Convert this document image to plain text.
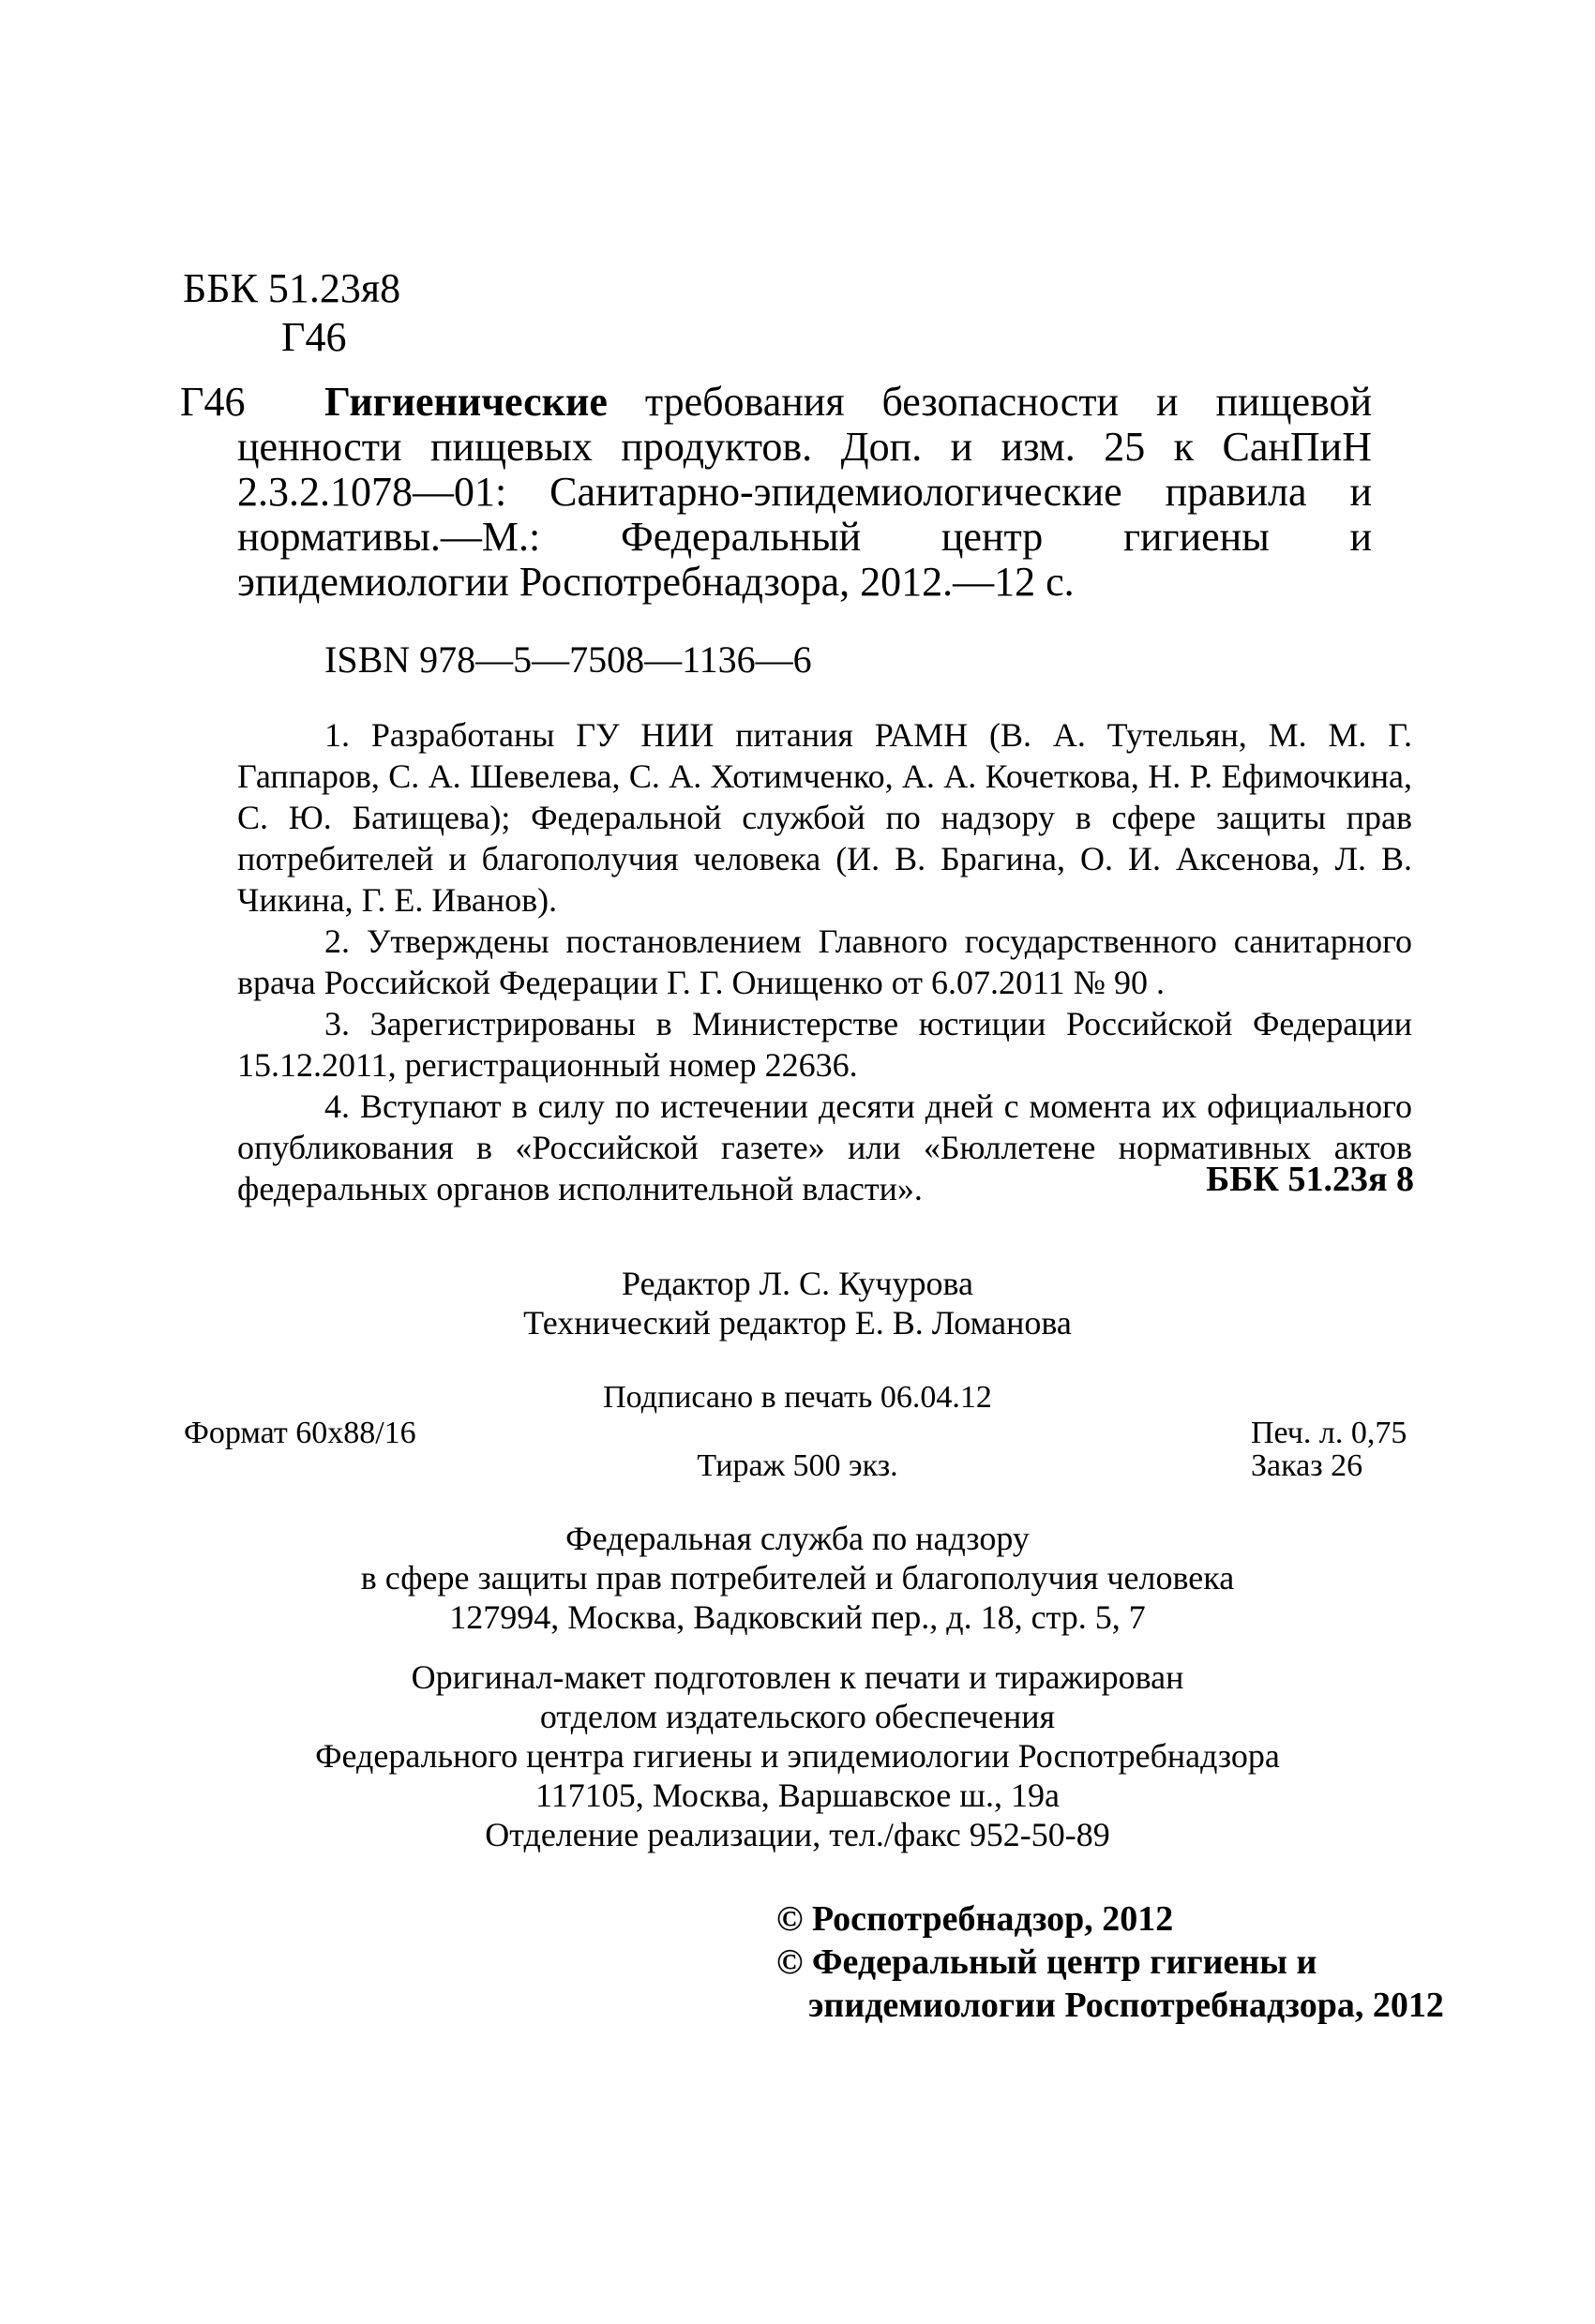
ББК 51.23я8
Г46
Г46	Гигиенические требования безопасности и пищевой ценности пищевых продуктов. Доп. и изм. 25 к СанПиН 2.3.2.1078—01: Санитарно-эпидемиологические правила и нормативы.—М.: Федеральный центр гигиены и эпидемиологии Роспотребнадзора, 2012.—12 с.
ISBN 978—5—7508—1136—6

1. Разработаны ГУ НИИ питания РАМН (В. А. Тутельян, М. М. Г. Гаппаров, С. А. Шевелева, С. А. Хотимченко, А. А. Кочеткова, Н. Р. Ефимочкина, С. Ю. Батищева); Федеральной службой по надзору в сфере защиты прав потребителей и благополучия человека (И. В. Брагина, О. И. Аксенова, Л. В. Чикина, Г. Е. Иванов).

2. Утверждены постановлением Главного государственного санитарного врача Российской Федерации Г. Г. Онищенко от 6.07.2011 № 90 .

3. Зарегистрированы в Министерстве юстиции Российской Федерации 15.12.2011, регистрационный номер 22636.

4. Вступают в силу по истечении десяти дней с момента их официального опубликования в «Российской газете» или «Бюллетене нормативных актов федеральных органов исполнительной власти».	ББК 51.23я 8
Редактор Л. С. Кучурова
Технический редактор Е. В. Ломанова
Подписано в печать 06.04.12
Формат 60x88/16	Печ. л. 0,75
Тираж 500 экз.	Заказ 26
Федеральная служба по надзору
в сфере защиты прав потребителей и благополучия человека
127994, Москва, Вадковский пер., д. 18, стр. 5, 7
Оригинал-макет подготовлен к печати и тиражирован
отделом издательского обеспечения
Федерального центра гигиены и эпидемиологии Роспотребнадзора
117105, Москва, Варшавское ш., 19а
Отделение реализации, тел./факс 952-50-89
© Роспотребнадзор, 2012
© Федеральный центр гигиены и
эпидемиологии Роспотребнадзора, 2012
